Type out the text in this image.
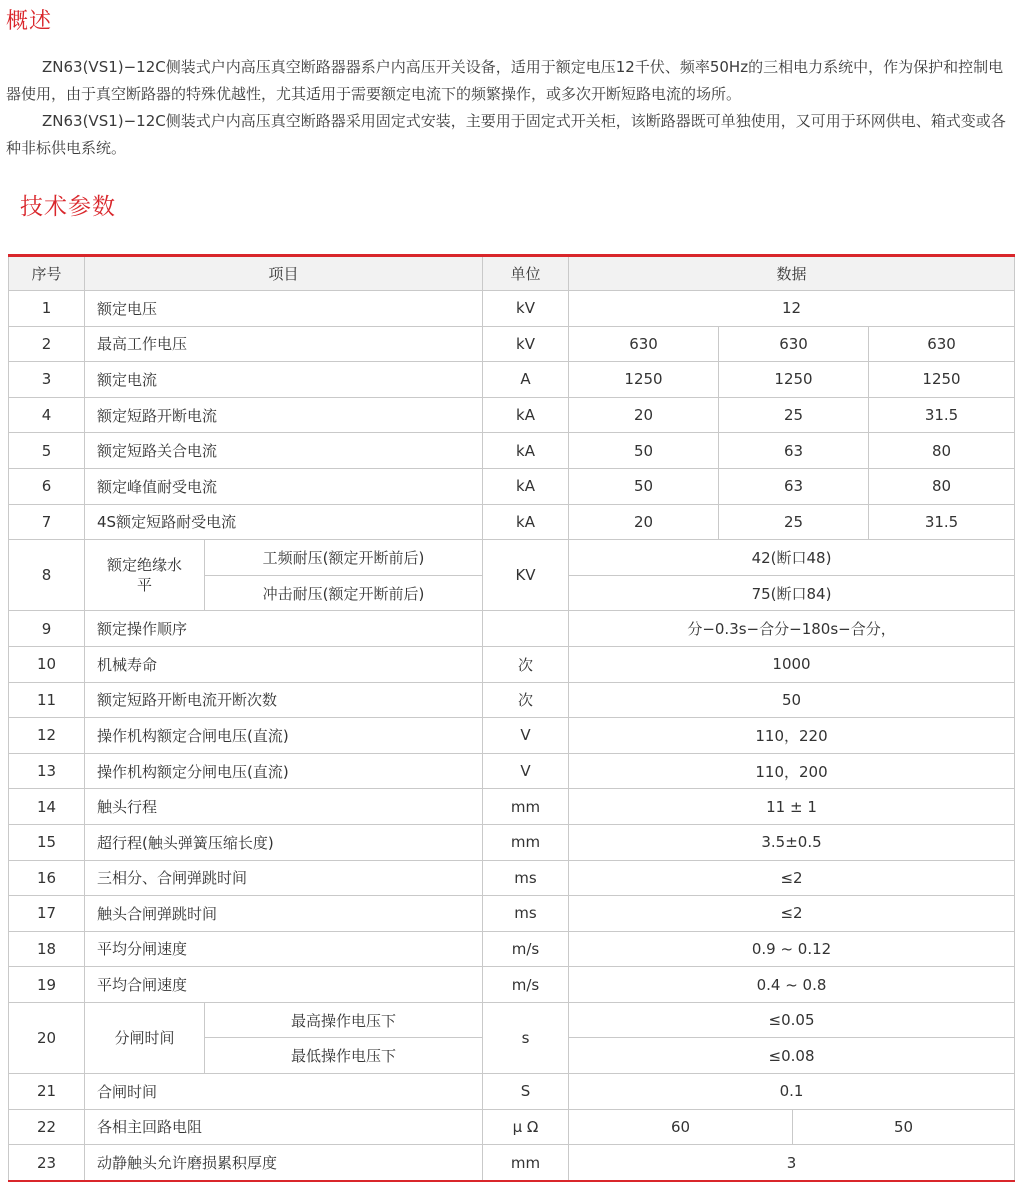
概述

ZN63(VS1)−12C侧装式户内高压真空断路器器系户内高压开关设备，适用于额定电压12千伏、频率50Hz的三相电力系统中，作为保护和控制电器使用，由于真空断路器的特殊优越性，尤其适用于需要额定电流下的频繁操作，或多次开断短路电流的场所。

ZN63(VS1)−12C侧装式户内高压真空断路器采用固定式安装，主要用于固定式开关柜，该断路器既可单独使用，又可用于环网供电、箱式变或各种非标供电系统。

技术参数
序号	项目		单位	数据			
1	额定电压		kV	12			
2	最高工作电压		kV	630	630		630
3	额定电流		A	1250	1250		1250
4	额定短路开断电流		kA	20	25		31.5
5	额定短路关合电流		kA	50	63		80
6	额定峰值耐受电流		kA	50	63		80
7	4S额定短路耐受电流		kA	20	25		31.5
8	额定绝缘水平	工频耐压(额定开断前后)	KV	42(断口48)			
		冲击耐压(额定开断前后)		75(断口84)			
9	额定操作顺序			分−0.3s−合分−180s−合分，			
10	机械寿命		次	1000			
11	额定短路开断电流开断次数		次	50			
12	操作机构额定合闸电压(直流)		V	110，220			
13	操作机构额定分闸电压(直流)		V	110，200			
14	触头行程		mm	11 ± 1			
15	超行程(触头弹簧压缩长度)		mm	3.5±0.5			
16	三相分、合闸弹跳时间		ms	≤2			
17	触头合闸弹跳时间		ms	≤2			
18	平均分闸速度		m/s	0.9 ~ 0.12			
19	平均合闸速度		m/s	0.4 ~ 0.8			
20	分闸时间	最高操作电压下	s	≤0.05			
		最低操作电压下		≤0.08			
21	合闸时间		S	0.1			
22	各相主回路电阻		μ Ω	60		50	
23	动静触头允许磨损累积厚度		mm	3			
